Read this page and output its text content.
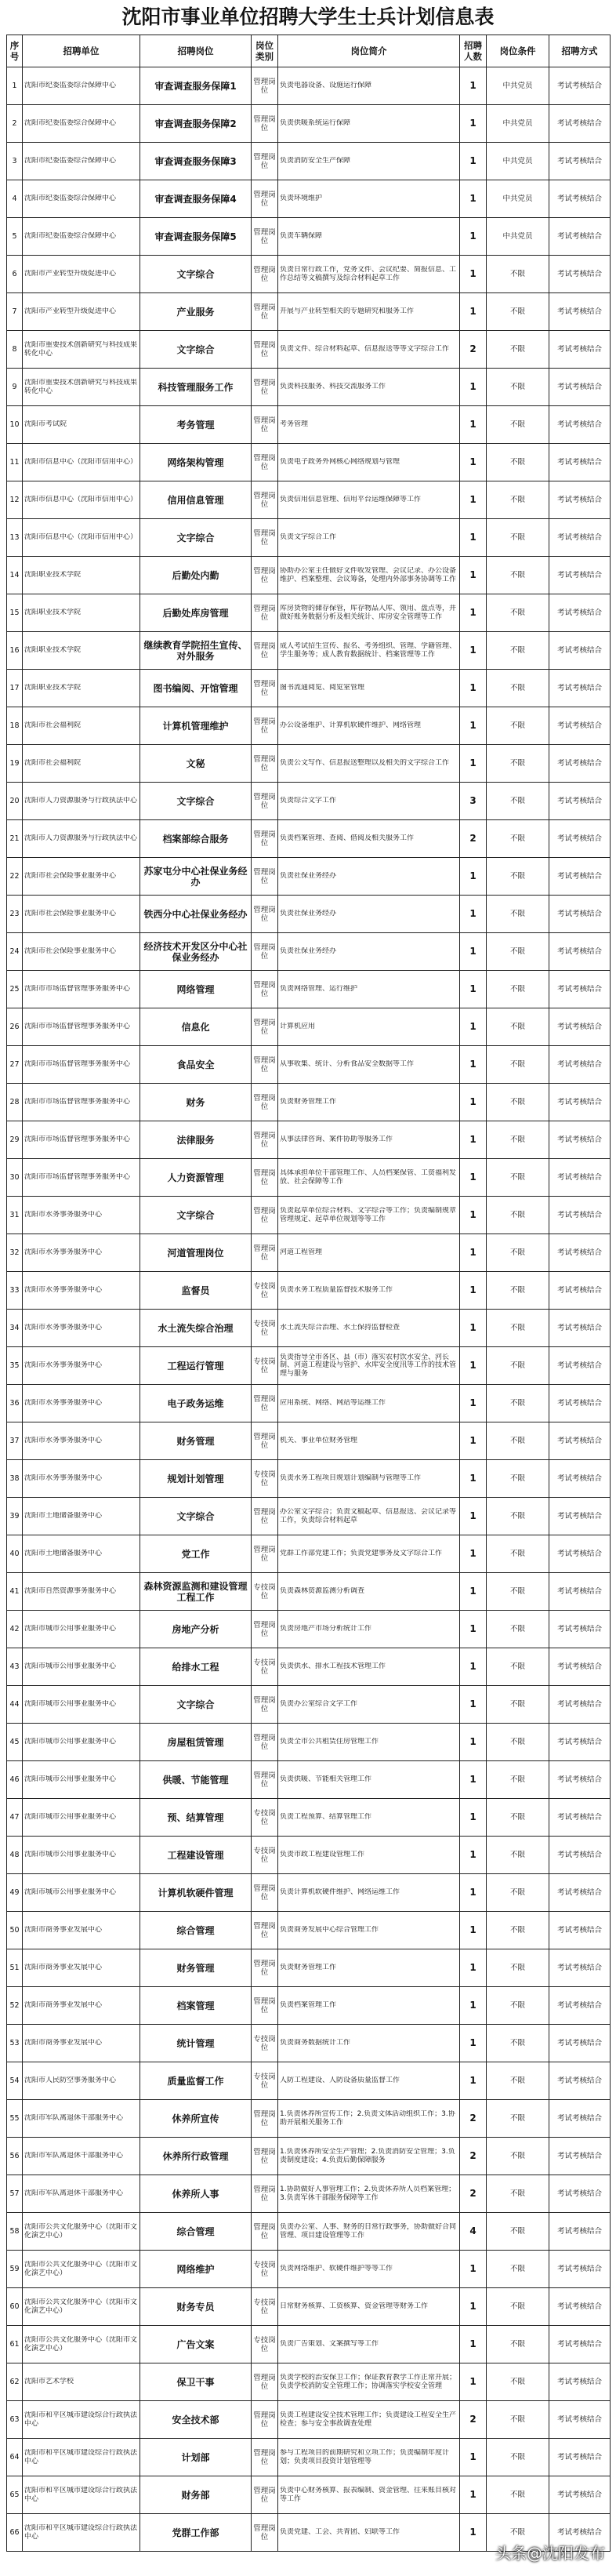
沈阳市事业单位招聘大学生士兵计划信息表
序号	招聘单位	招聘岗位	岗位类别	岗位简介	招聘人数	岗位条件	招聘方式

1	沈阳市纪委监委综合保障中心	审查调查服务保障1	管理岗位	负责电器设备、设施运行保障	1	中共党员	考试考核结合

2	沈阳市纪委监委综合保障中心	审查调查服务保障2	管理岗位	负责供暖系统运行保障	1	中共党员	考试考核结合

3	沈阳市纪委监委综合保障中心	审查调查服务保障3	管理岗位	负责消防安全生产保障	1	中共党员	考试考核结合

4	沈阳市纪委监委综合保障中心	审查调查服务保障4	管理岗位	负责环境维护	1	中共党员	考试考核结合

5	沈阳市纪委监委综合保障中心	审查调查服务保障5	管理岗位	负责车辆保障	1	中共党员	考试考核结合

6	沈阳市产业转型升级促进中心	文字综合	管理岗位	负责日常行政工作，党务文件、会议纪要、简报信息、工作总结等文稿撰写及综合材料起草工作	1	不限	考试考核结合

7	沈阳市产业转型升级促进中心	产业服务	管理岗位	开展与产业转型相关的专题研究和服务工作	1	不限	考试考核结合

8	沈阳市重要技术创新研究与科技成果转化中心	文字综合	管理岗位	负责文件、综合材料起草、信息报送等等文字综合工作	2	不限	考试考核结合

9	沈阳市重要技术创新研究与科技成果转化中心	科技管理服务工作	管理岗位	负责科技服务、科技交流服务工作	1	不限	考试考核结合

10	沈阳市考试院	考务管理	管理岗位	考务管理	1	不限	考试考核结合

11	沈阳市信息中心（沈阳市信用中心）	网络架构管理	管理岗位	负责电子政务外网核心网络规划与管理	1	不限	考试考核结合

12	沈阳市信息中心（沈阳市信用中心）	信用信息管理	管理岗位	负责信用信息管理、信用平台运维保障等工作	1	不限	考试考核结合

13	沈阳市信息中心（沈阳市信用中心）	文字综合	管理岗位	负责文字综合工作	1	不限	考试考核结合

14	沈阳职业技术学院	后勤处内勤	管理岗位	协助办公室主任做好文件收发管理、会议记录、办公设备维护、档案整理、会议筹备，处理内外部事务协调等工作	1	不限	考试考核结合

15	沈阳职业技术学院	后勤处库房管理	管理岗位	库房货物的储存保管，库存物品入库、领用、盘点等，并做好账务数据分析及相关统计、库房安全管理等工作	1	不限	考试考核结合

16	沈阳职业技术学院	继续教育学院招生宣传、对外服务	管理岗位	成人考试招生宣传、报名、考务组织、管理、学籍管理、学生服务等；成人教育数据统计、档案管理等工作	1	不限	考试考核结合

17	沈阳职业技术学院	图书编阅、开馆管理	管理岗位	图书流通阅览、阅览室管理	1	不限	考试考核结合

18	沈阳市社会福利院	计算机管理维护	管理岗位	办公设备维护、计算机软硬件维护、网络管理	1	不限	考试考核结合

19	沈阳市社会福利院	文秘	管理岗位	负责公文写作、信息报送整理以及相关的文字综合工作	1	不限	考试考核结合

20	沈阳市人力资源服务与行政执法中心	文字综合	管理岗位	负责综合文字工作	3	不限	考试考核结合

21	沈阳市人力资源服务与行政执法中心	档案部综合服务	管理岗位	负责档案管理、查阅、借阅及相关服务工作	2	不限	考试考核结合

22	沈阳市社会保险事业服务中心	苏家屯分中心社保业务经办	管理岗位	负责社保业务经办	1	不限	考试考核结合

23	沈阳市社会保险事业服务中心	铁西分中心社保业务经办	管理岗位	负责社保业务经办	1	不限	考试考核结合

24	沈阳市社会保险事业服务中心	经济技术开发区分中心社保业务经办	管理岗位	负责社保业务经办	1	不限	考试考核结合

25	沈阳市市场监督管理事务服务中心	网络管理	管理岗位	负责网络管理、运行维护	1	不限	考试考核结合

26	沈阳市市场监督管理事务服务中心	信息化	管理岗位	计算机应用	1	不限	考试考核结合

27	沈阳市市场监督管理事务服务中心	食品安全	管理岗位	从事收集、统计、分析食品安全数据等工作	1	不限	考试考核结合

28	沈阳市市场监督管理事务服务中心	财务	管理岗位	负责财务管理工作	1	不限	考试考核结合

29	沈阳市市场监督管理事务服务中心	法律服务	管理岗位	从事法律咨询、案件协助等服务工作	1	不限	考试考核结合

30	沈阳市市场监督管理事务服务中心	人力资源管理	管理岗位	具体承担单位干部管理工作、人员档案保管、工资福利发放、社会保障等工作	1	不限	考试考核结合

31	沈阳市水务事务服务中心	文字综合	管理岗位	负责起草单位综合材料、文字综合等工作；负责编制规章管理规定、起草单位规划等等工作	1	不限	考试考核结合

32	沈阳市水务事务服务中心	河道管理岗位	管理岗位	河道工程管理	1	不限	考试考核结合

33	沈阳市水务事务服务中心	监督员	专技岗位	负责水务工程质量监督技术服务工作	1	不限	考试考核结合

34	沈阳市水务事务服务中心	水土流失综合治理	专技岗位	水土流失综合治理、水土保持监督检查	1	不限	考试考核结合

35	沈阳市水务事务服务中心	工程运行管理	专技岗位	负责指导全市各区、县（市）落实农村饮水安全、河长制、河道工程建设与管护、水库安全度汛等工作的技术管理与服务	1	不限	考试考核结合

36	沈阳市水务事务服务中心	电子政务运维	管理岗位	应用系统、网络、网站等运维工作	1	不限	考试考核结合

37	沈阳市水务事务服务中心	财务管理	管理岗位	机关、事业单位财务管理	1	不限	考试考核结合

38	沈阳市水务事务服务中心	规划计划管理	专技岗位	负责水务工程项目规划计划编制与管理等工作	1	不限	考试考核结合

39	沈阳市土地储备服务中心	文字综合	管理岗位	办公室文字综合；负责文稿起草、信息报送、会议记录等工作，负责综合材料起草	1	不限	考试考核结合

40	沈阳市土地储备服务中心	党工作	管理岗位	党群工作部党建工作；负责党建事务及文字综合工作	1	不限	考试考核结合

41	沈阳市自然资源事务服务中心	森林资源监测和建设管理工程工作	专技岗位	负责森林资源监测分析调查	1	不限	考试考核结合

42	沈阳市城市公用事业服务中心	房地产分析	管理岗位	负责房地产市场分析统计工作	1	不限	考试考核结合

43	沈阳市城市公用事业服务中心	给排水工程	专技岗位	负责供水、排水工程技术管理工作	1	不限	考试考核结合

44	沈阳市城市公用事业服务中心	文字综合	管理岗位	负责办公室综合文字工作	1	不限	考试考核结合

45	沈阳市城市公用事业服务中心	房屋租赁管理	管理岗位	负责全市公共租赁住房管理工作	1	不限	考试考核结合

46	沈阳市城市公用事业服务中心	供暖、节能管理	管理岗位	负责供暖、节能相关管理工作	1	不限	考试考核结合

47	沈阳市城市公用事业服务中心	预、结算管理	专技岗位	负责工程预算、结算管理工作	1	不限	考试考核结合

48	沈阳市城市公用事业服务中心	工程建设管理	专技岗位	负责市政工程建设管理工作	1	不限	考试考核结合

49	沈阳市城市公用事业服务中心	计算机软硬件管理	管理岗位	负责计算机软硬件维护、网络运维工作	1	不限	考试考核结合

50	沈阳市商务事业发展中心	综合管理	管理岗位	负责商务发展中心综合管理工作	1	不限	考试考核结合

51	沈阳市商务事业发展中心	财务管理	管理岗位	负责财务管理工作	1	不限	考试考核结合

52	沈阳市商务事业发展中心	档案管理	管理岗位	负责档案管理工作	1	不限	考试考核结合

53	沈阳市商务事业发展中心	统计管理	专技岗位	负责商务数据统计工作	1	不限	考试考核结合

54	沈阳市人民防空事务服务中心	质量监督工作	专技岗位	人防工程建设、人防设备质量监督工作	1	不限	考试考核结合

55	沈阳市军队离退休干部服务中心	休养所宣传	管理岗位	1.负责休养所宣传工作；2.负责文体活动组织工作；3.协助开展相关服务工作	2	不限	考试考核结合

56	沈阳市军队离退休干部服务中心	休养所行政管理	管理岗位	1.负责休养所安全生产管理；2.负责消防安全管理；3.负责制度建设；4.负责后勤保障服务	2	不限	考试考核结合

57	沈阳市军队离退休干部服务中心	休养所人事	管理岗位	1.协助做好人事管理工作；2.负责休养所人员档案管理；3.负责军休干部服务保障等工作	2	不限	考试考核结合

58	沈阳市公共文化服务中心（沈阳市文化演艺中心）	综合管理	管理岗位	负责办公室、人事、财务的日常行政事务，协助做好合同管理、项目建设管理等工作	4	不限	考试考核结合

59	沈阳市公共文化服务中心（沈阳市文化演艺中心）	网络维护	专技岗位	负责网络维护、软硬件维护等等工作	1	不限	考试考核结合

60	沈阳市公共文化服务中心（沈阳市文化演艺中心）	财务专员	专技岗位	日常财务核算、工资核算、资金管理等财务工作	1	不限	考试考核结合

61	沈阳市公共文化服务中心（沈阳市文化演艺中心）	广告文案	专技岗位	负责广告策划、文案撰写等工作	1	不限	考试考核结合

62	沈阳市艺术学校	保卫干事	管理岗位	负责学校的治安保卫工作；保证教育教学工作正常开展；负责学校消防安全管理工作；协调落实学校安全管理	1	不限	考试考核结合

63	沈阳市和平区城市建设综合行政执法中心	安全技术部	管理岗位	负责工程建设安全技术管理工作；负责建设工程安全生产检查；参与安全事故调查处理	2	不限	考试考核结合

64	沈阳市和平区城市建设综合行政执法中心	计划部	管理岗位	参与工程项目的前期研究和立项工作；负责编制年度计划；负责项目投资计划管理等	1	不限	考试考核结合

65	沈阳市和平区城市建设综合行政执法中心	财务部	管理岗位	负责中心财务核算、报表编制、资金管理、往来账目核对等工作	1	不限	考试考核结合

66	沈阳市和平区城市建设综合行政执法中心	党群工作部	管理岗位	负责党建、工会、共青团、妇联等工作	1	不限	考试考核结合
头条@沈阳发布
